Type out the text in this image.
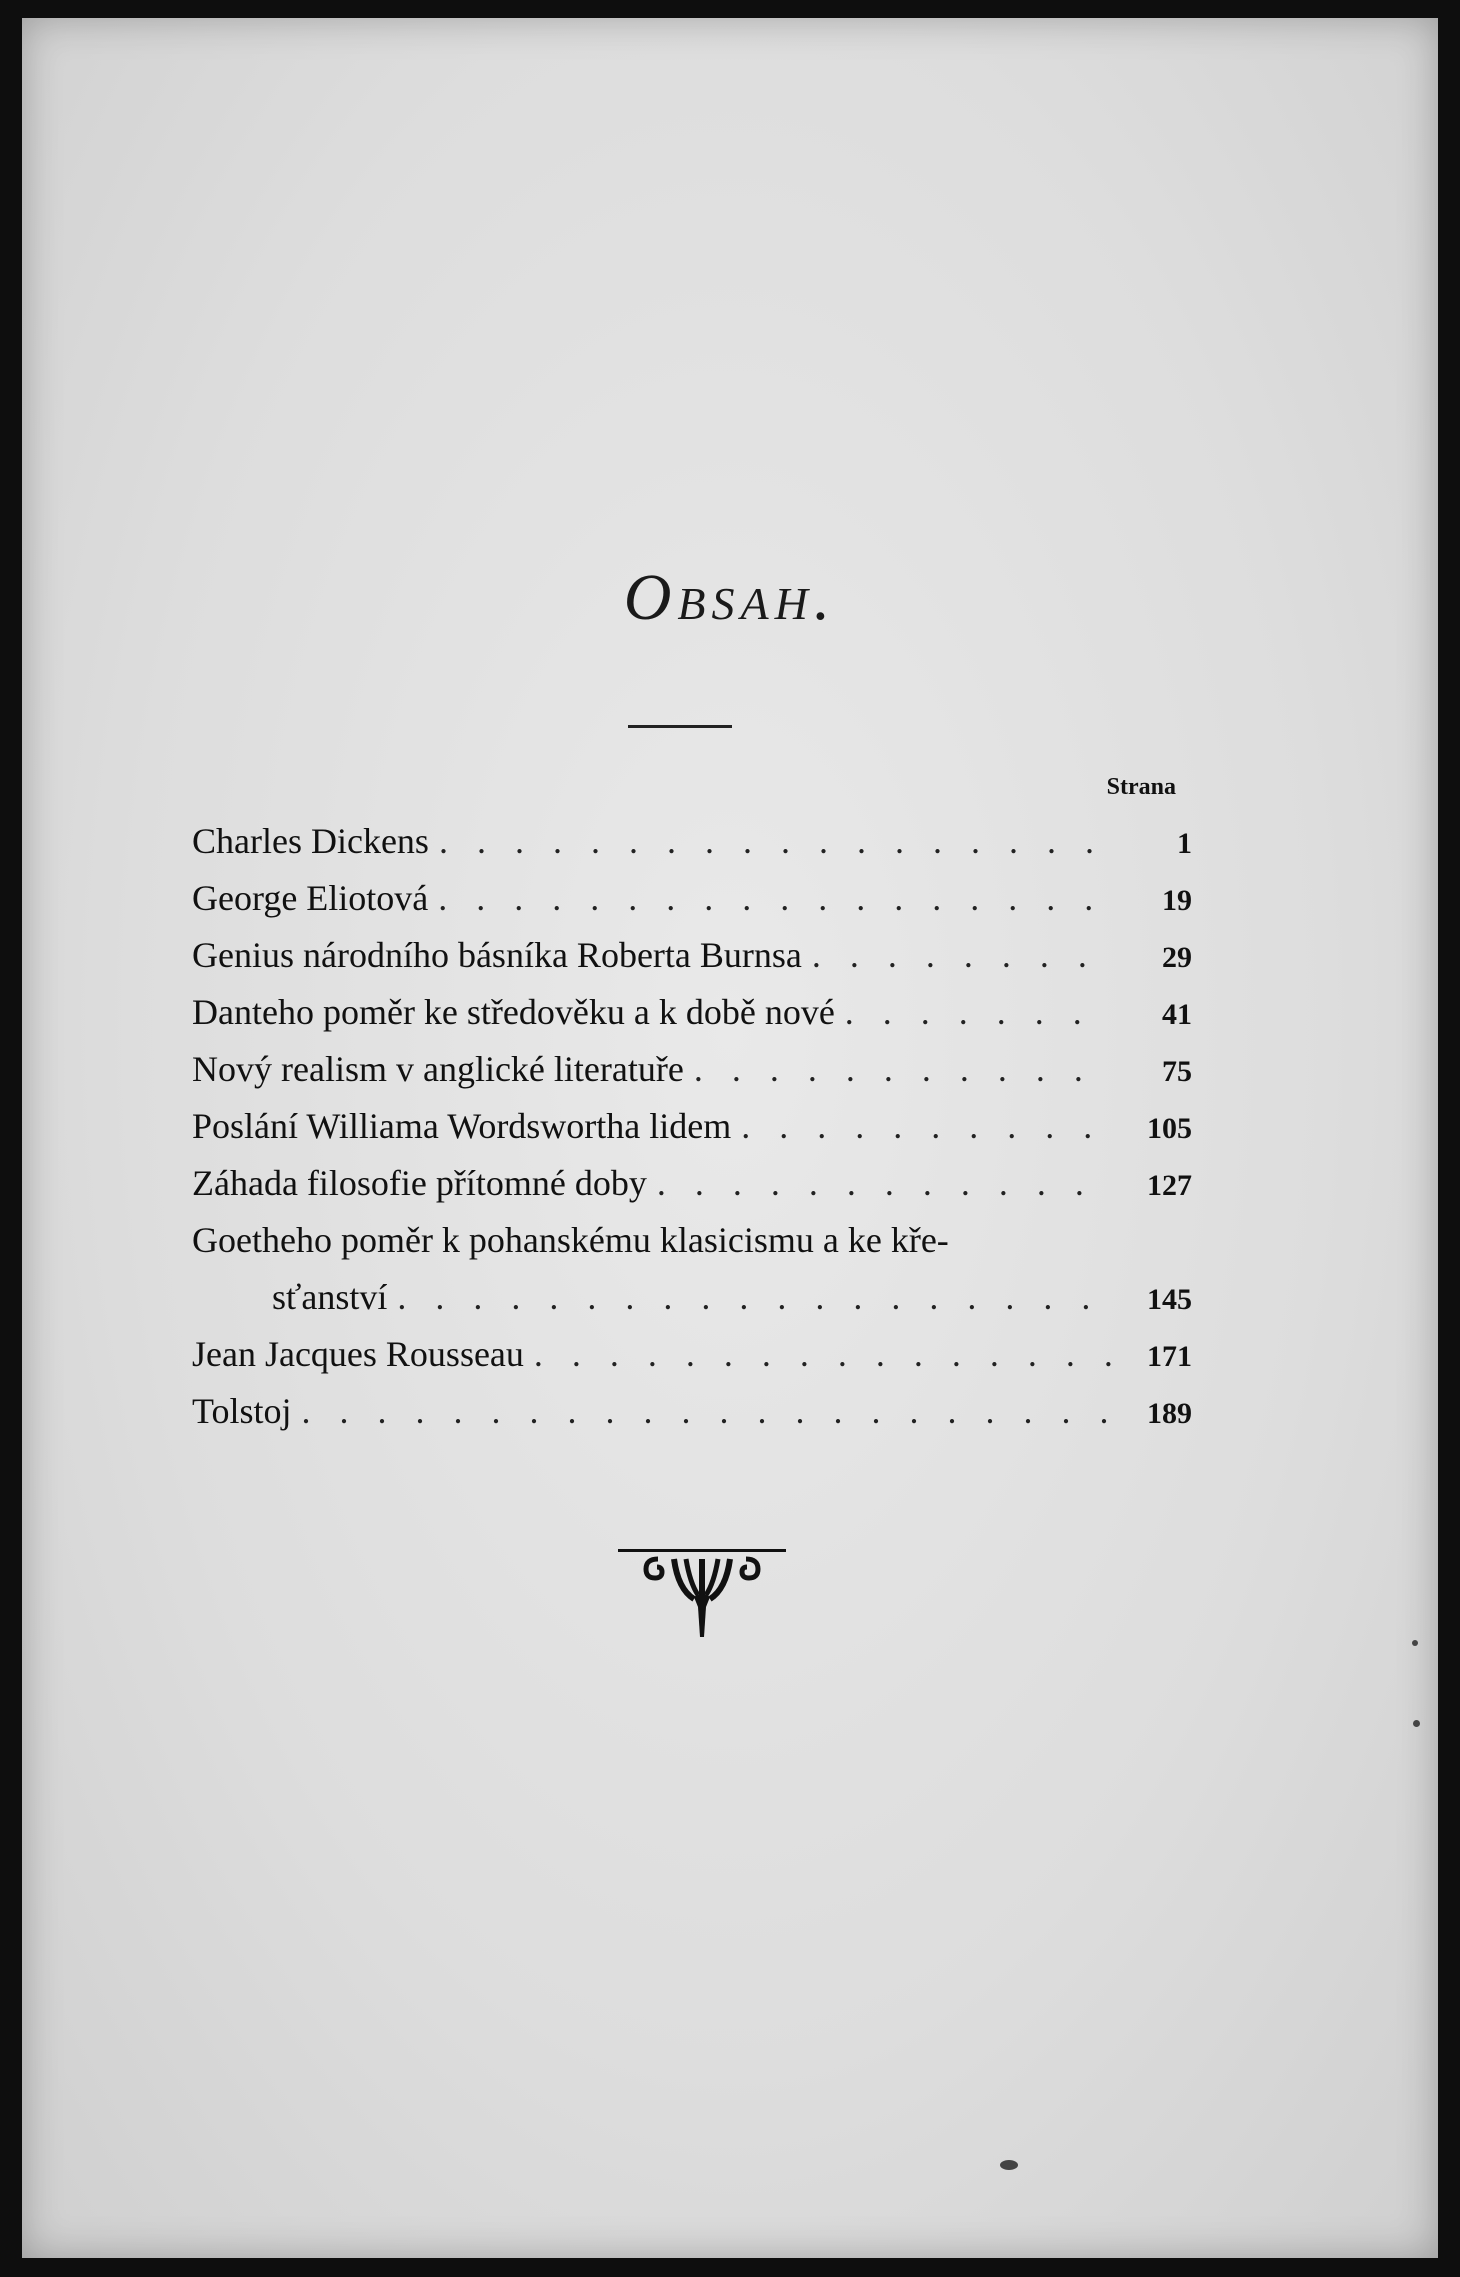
Obsah.
Strana
Charles Dickens . . .	1
George Eliotová . . .	19
Genius národního básníka Roberta Burnsa . . .	29
Danteho poměr ke středověku a k době nové . . .	41
Nový realism v anglické literatuře . . .	75
Poslání Williama Wordswortha lidem . . .	105
Záhada filosofie přítomné doby . . .	127
Goetheho poměr k pohanskému klasicismu a ke kře-
sťanství . . .	145
Jean Jacques Rousseau . . .	171
Tolstoj . . .	189
